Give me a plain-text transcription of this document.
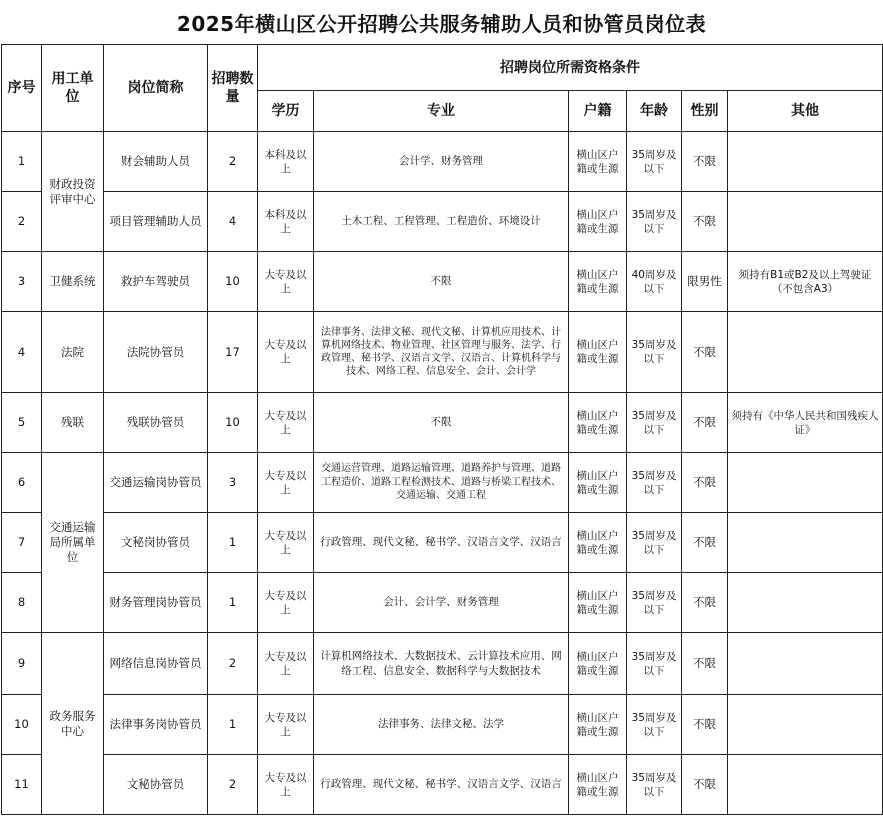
2025年横山区公开招聘公共服务辅助人员和协管员岗位表
序号	用工单位	岗位简称	招聘数量	招聘岗位所需资格条件					
				学历	专业	户籍	年龄	性别	其他
1	财政投资评审中心	财会辅助人员	2	本科及以上	会计学、财务管理	横山区户籍或生源	35周岁及以下	不限	
2		项目管理辅助人员	4	本科及以上	土木工程、工程管理、工程造价、环境设计	横山区户籍或生源	35周岁及以下	不限	
3	卫健系统	救护车驾驶员	10	大专及以上	不限	横山区户籍或生源	40周岁及以下	限男性	须持有B1或B2及以上驾驶证（不包含A3）
4	法院	法院协管员	17	大专及以上	法律事务、法律文秘、现代文秘、计算机应用技术、计算机网络技术、物业管理、社区管理与服务、法学、行政管理、秘书学、汉语言文学、汉语言、计算机科学与技术、网络工程、信息安全、会计、会计学	横山区户籍或生源	35周岁及以下	不限	
5	残联	残联协管员	10	大专及以上	不限	横山区户籍或生源	35周岁及以下	不限	须持有《中华人民共和国残疾人证》
6	交通运输局所属单位	交通运输岗协管员	3	大专及以上	交通运营管理、道路运输管理、道路养护与管理、道路工程造价、道路工程检测技术、道路与桥梁工程技术、交通运输、交通工程	横山区户籍或生源	35周岁及以下	不限	
7		文秘岗协管员	1	大专及以上	行政管理、现代文秘、秘书学、汉语言文学、汉语言	横山区户籍或生源	35周岁及以下	不限	
8		财务管理岗协管员	1	大专及以上	会计、会计学、财务管理	横山区户籍或生源	35周岁及以下	不限	
9	政务服务中心	网络信息岗协管员	2	大专及以上	计算机网络技术、大数据技术、云计算技术应用、网络工程、信息安全、数据科学与大数据技术	横山区户籍或生源	35周岁及以下	不限	
10		法律事务岗协管员	1	大专及以上	法律事务、法律文秘、法学	横山区户籍或生源	35周岁及以下	不限	
11		文秘协管员	2	大专及以上	行政管理、现代文秘、秘书学、汉语言文学、汉语言	横山区户籍或生源	35周岁及以下	不限	
